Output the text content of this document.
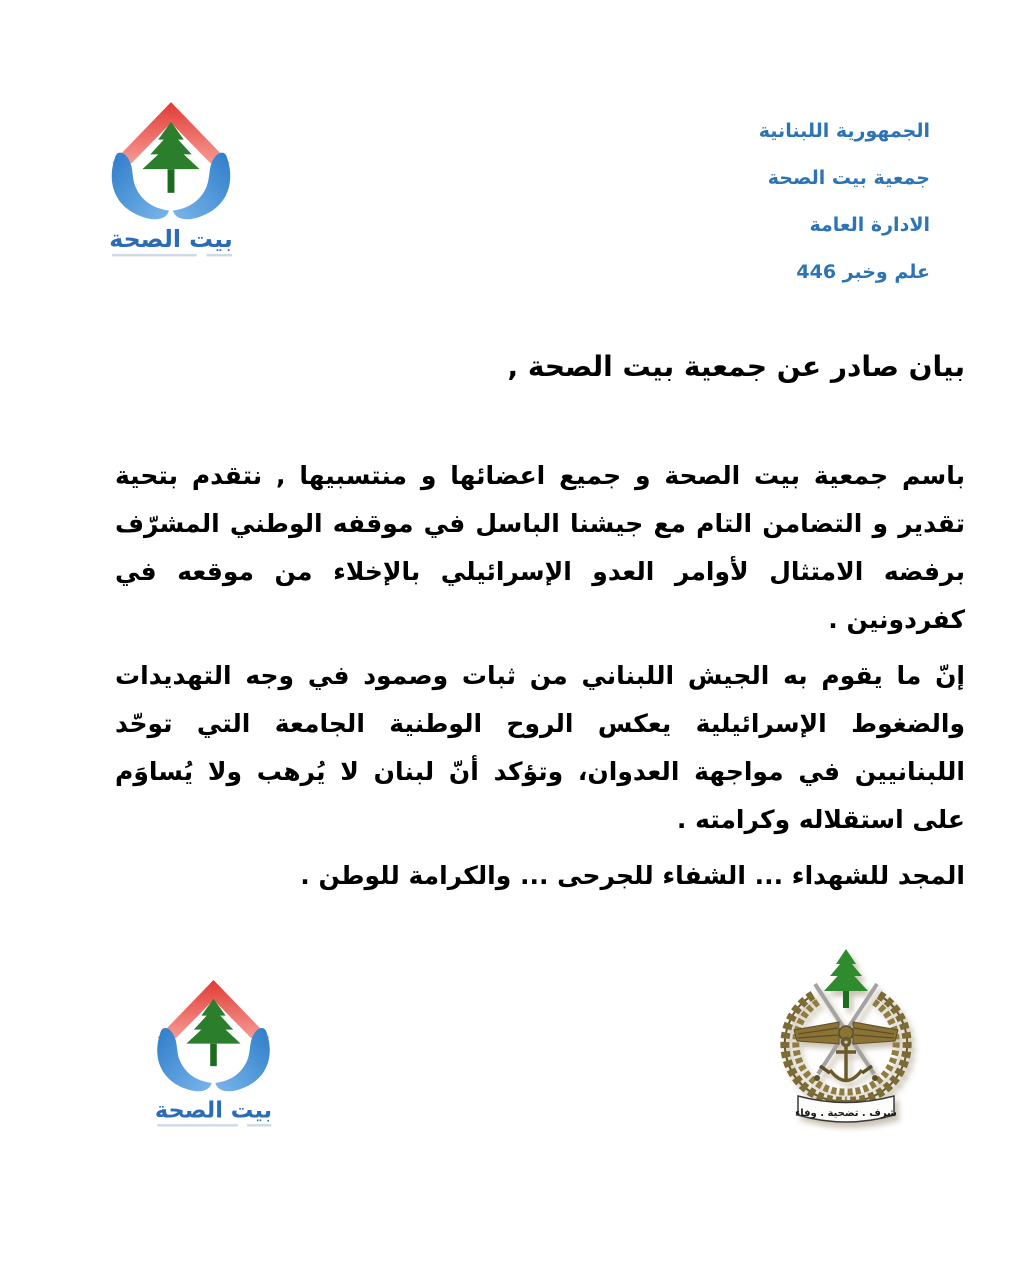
بيت الصحة
الجمهورية اللبنانية
جمعية بيت الصحة
الادارة العامة
علم وخبر 446
بيان صادر عن جمعية بيت الصحة ,
باسم جمعية بيت الصحة و جميع اعضائها و منتسبيها , نتقدم بتحية
تقدير و التضامن التام مع جيشنا الباسل في موقفه الوطني المشرّف
برفضه الامتثال لأوامر العدو الإسرائيلي بالإخلاء من موقعه في
كفردونين .
إنّ ما يقوم به الجيش اللبناني من ثبات وصمود في وجه التهديدات
والضغوط الإسرائيلية يعكس الروح الوطنية الجامعة التي توحّد
اللبنانيين في مواجهة العدوان، وتؤكد أنّ لبنان لا يُرهب ولا يُساوَم
على استقلاله وكرامته .
المجد للشهداء ... الشفاء للجرحى ... والكرامة للوطن .
بيت الصحة	شرف . تضحية . وفاء
